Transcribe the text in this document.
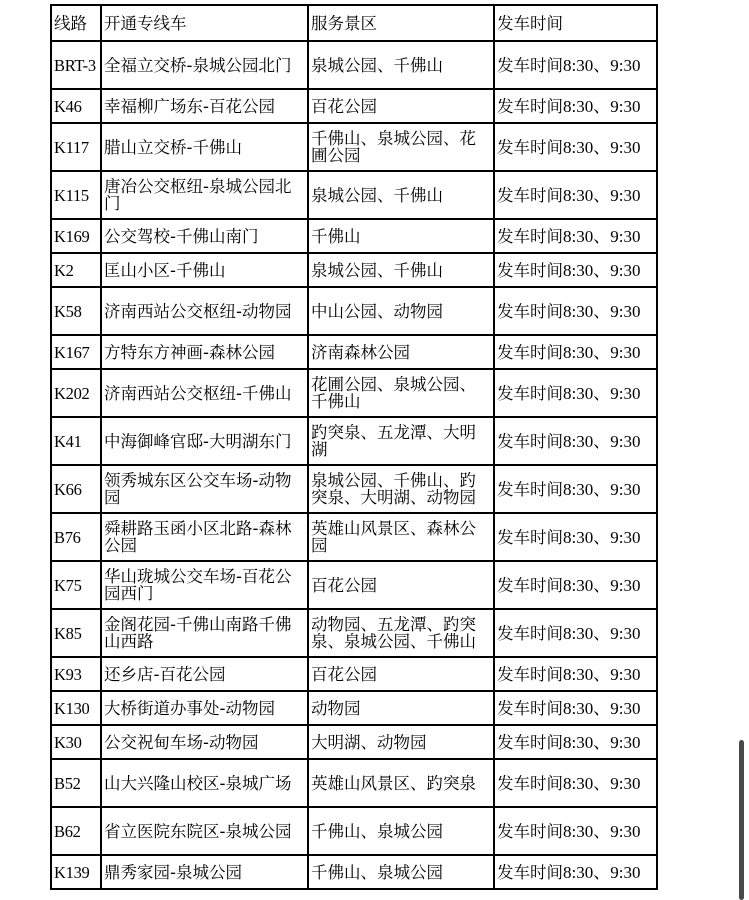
线路	开通专线车	服务景区	发车时间
BRT-3	全福立交桥-泉城公园北门	泉城公园、千佛山	发车时间8:30、9:30
K46	幸福柳广场东-百花公园	百花公园	发车时间8:30、9:30
K117	腊山立交桥-千佛山	千佛山、泉城公园、花圃公园	发车时间8:30、9:30
K115	唐冶公交枢纽-泉城公园北门	泉城公园、千佛山	发车时间8:30、9:30
K169	公交驾校-千佛山南门	千佛山	发车时间8:30、9:30
K2	匡山小区-千佛山	泉城公园、千佛山	发车时间8:30、9:30
K58	济南西站公交枢纽-动物园	中山公园、动物园	发车时间8:30、9:30
K167	方特东方神画-森林公园	济南森林公园	发车时间8:30、9:30
K202	济南西站公交枢纽-千佛山	花圃公园、泉城公园、千佛山	发车时间8:30、9:30
K41	中海御峰官邸-大明湖东门	趵突泉、五龙潭、大明湖	发车时间8:30、9:30
K66	领秀城东区公交车场-动物园	泉城公园、千佛山、趵突泉、大明湖、动物园	发车时间8:30、9:30
B76	舜耕路玉函小区北路-森林公园	英雄山风景区、森林公园	发车时间8:30、9:30
K75	华山珑城公交车场-百花公园西门	百花公园	发车时间8:30、9:30
K85	金阁花园-千佛山南路千佛山西路	动物园、五龙潭、趵突泉、泉城公园、千佛山	发车时间8:30、9:30
K93	还乡店-百花公园	百花公园	发车时间8:30、9:30
K130	大桥街道办事处-动物园	动物园	发车时间8:30、9:30
K30	公交祝甸车场-动物园	大明湖、动物园	发车时间8:30、9:30
B52	山大兴隆山校区-泉城广场	英雄山风景区、趵突泉	发车时间8:30、9:30
B62	省立医院东院区-泉城公园	千佛山、泉城公园	发车时间8:30、9:30
K139	鼎秀家园-泉城公园	千佛山、泉城公园	发车时间8:30、9:30
